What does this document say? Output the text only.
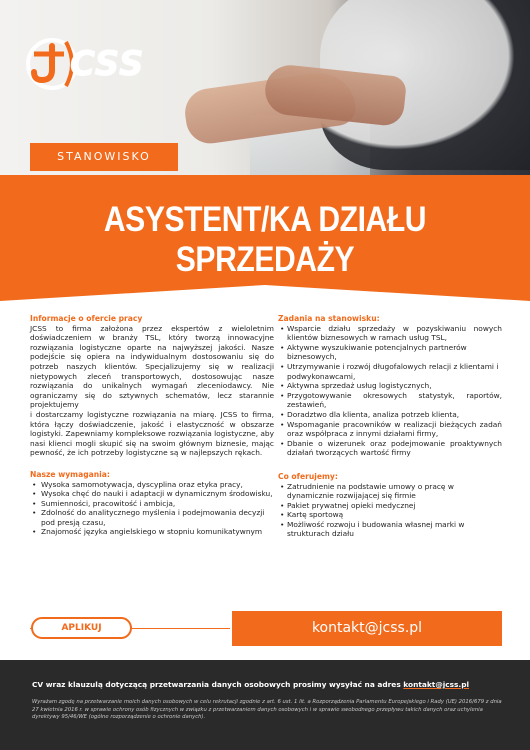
CSS
STANOWISKO
ASYSTENT/KA DZIAŁU SPRZEDAŻY
Informacje o ofercie pracy
JCSS to firma założona przez ekspertów z wieloletnim doświadczeniem w branży TSL, który tworzą innowacyjne rozwiązania logistyczne oparte na najwyższej jakości. Nasze podejście się opiera na indywidualnym dostosowaniu się do potrzeb naszych klientów. Specjalizujemy się w realizacji nietypowych zleceń transportowych, dostosowując nasze rozwiązania do unikalnych wymagań zleceniodawcy. Nie ograniczamy się do sztywnych schematów, lecz starannie projektujemy
i dostarczamy logistyczne rozwiązania na miarę. JCSS to firma, która łączy doświadczenie, jakość i elastyczność w obszarze logistyki. Zapewniamy kompleksowe rozwiązania logistyczne, aby nasi klienci mogli skupić się na swoim głównym biznesie, mając pewność, że ich potrzeby logistyczne są w najlepszych rękach.
Nasze wymagania:
• Wysoka samomotywacja, dyscyplina oraz etyka pracy,
• Wysoka chęć do nauki i adaptacji w dynamicznym środowisku,
• Sumienności, pracowitość i ambicja,
• Zdolność do analitycznego myślenia i podejmowania decyzji pod presją czasu,
• Znajomość języka angielskiego w stopniu komunikatywnym
Zadania na stanowisku:
• Wsparcie działu sprzedaży w pozyskiwaniu nowych klientów biznesowych w ramach usług TSL,
• Aktywne wyszukiwanie potencjalnych partnerów biznesowych,
• Utrzymywanie i rozwój długofalowych relacji z klientami i podwykonawcami,
• Aktywna sprzedaż usług logistycznych,
• Przygotowywanie okresowych statystyk, raportów, zestawień,
• Doradztwo dla klienta, analiza potrzeb klienta,
• Wspomaganie pracowników w realizacji bieżących zadań oraz współpraca z innymi działami firmy,
• Dbanie o wizerunek oraz podejmowanie proaktywnych działań tworzących wartość firmy
Co oferujemy:
• Zatrudnienie na podstawie umowy o pracę w dynamicznie rozwijającej się firmie
• Pakiet prywatnej opieki medycznej
• Kartę sportową
• Możliwość rozwoju i budowania własnej marki w strukturach działu
APLIKUJ	kontakt@jcss.pl
CV wraz klauzulą dotyczącą przetwarzania danych osobowych prosimy wysyłać na adres kontakt@jcss.pl
Wyrażam zgodę na przetwarzanie moich danych osobowych w celu rekrutacji zgodnie z art. 6 ust. 1 lit. a Rozporządzenia Parlamentu Europejskiego i Rady (UE) 2016/679 z dnia 27 kwietnia 2016 r. w sprawie ochrony osób fizycznych w związku z przetwarzaniem danych osobowych i w sprawie swobodnego przepływu takich danych oraz uchylenia dyrektywy 95/46/WE (ogólne rozporządzenie o ochronie danych).
